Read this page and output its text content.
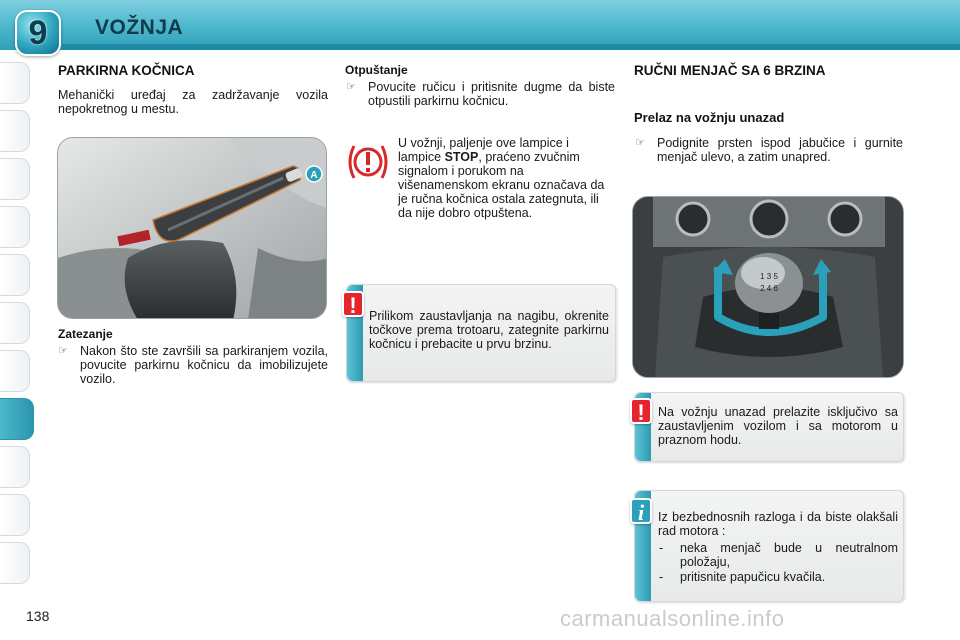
9 VOŽNJA
PARKIRNA KOČNICA
Mehanički uređaj za zadržavanje vozila nepokretnog u mestu.
A
Zatezanje
☞ Nakon što ste završili sa parkiranjem vozila, povucite parkirnu kočnicu da imobilizujete vozilo.
Otpuštanje
☞ Povucite ručicu i pritisnite dugme da biste otpustili parkirnu kočnicu.
U vožnji, paljenje ove lampice i lampice STOP, praćeno zvučnim signalom i porukom na višenamenskom ekranu označava da je ručna kočnica ostala zategnuta, ili da nije dobro otpuštena.
! Prilikom zaustavljanja na nagibu, okrenite točkove prema trotoaru, zategnite parkirnu kočnicu i prebacite u prvu brzinu.
RUČNI MENJAČ SA 6 BRZINA
Prelaz na vožnju unazad
☞ Podignite prsten ispod jabučice i gurnite menjač ulevo, a zatim unapred.
1 3 5
2 4 6
!	Na vožnju unazad prelazite isključivo sa zaustavljenim vozilom i sa motorom u praznom hodu.
i	Iz bezbednosnih razloga i da biste olakšali rad motora :
- neka menjač bude u neutralnom položaju,
- pritisnite papučicu kvačila.
138	carmanualsonline.info
